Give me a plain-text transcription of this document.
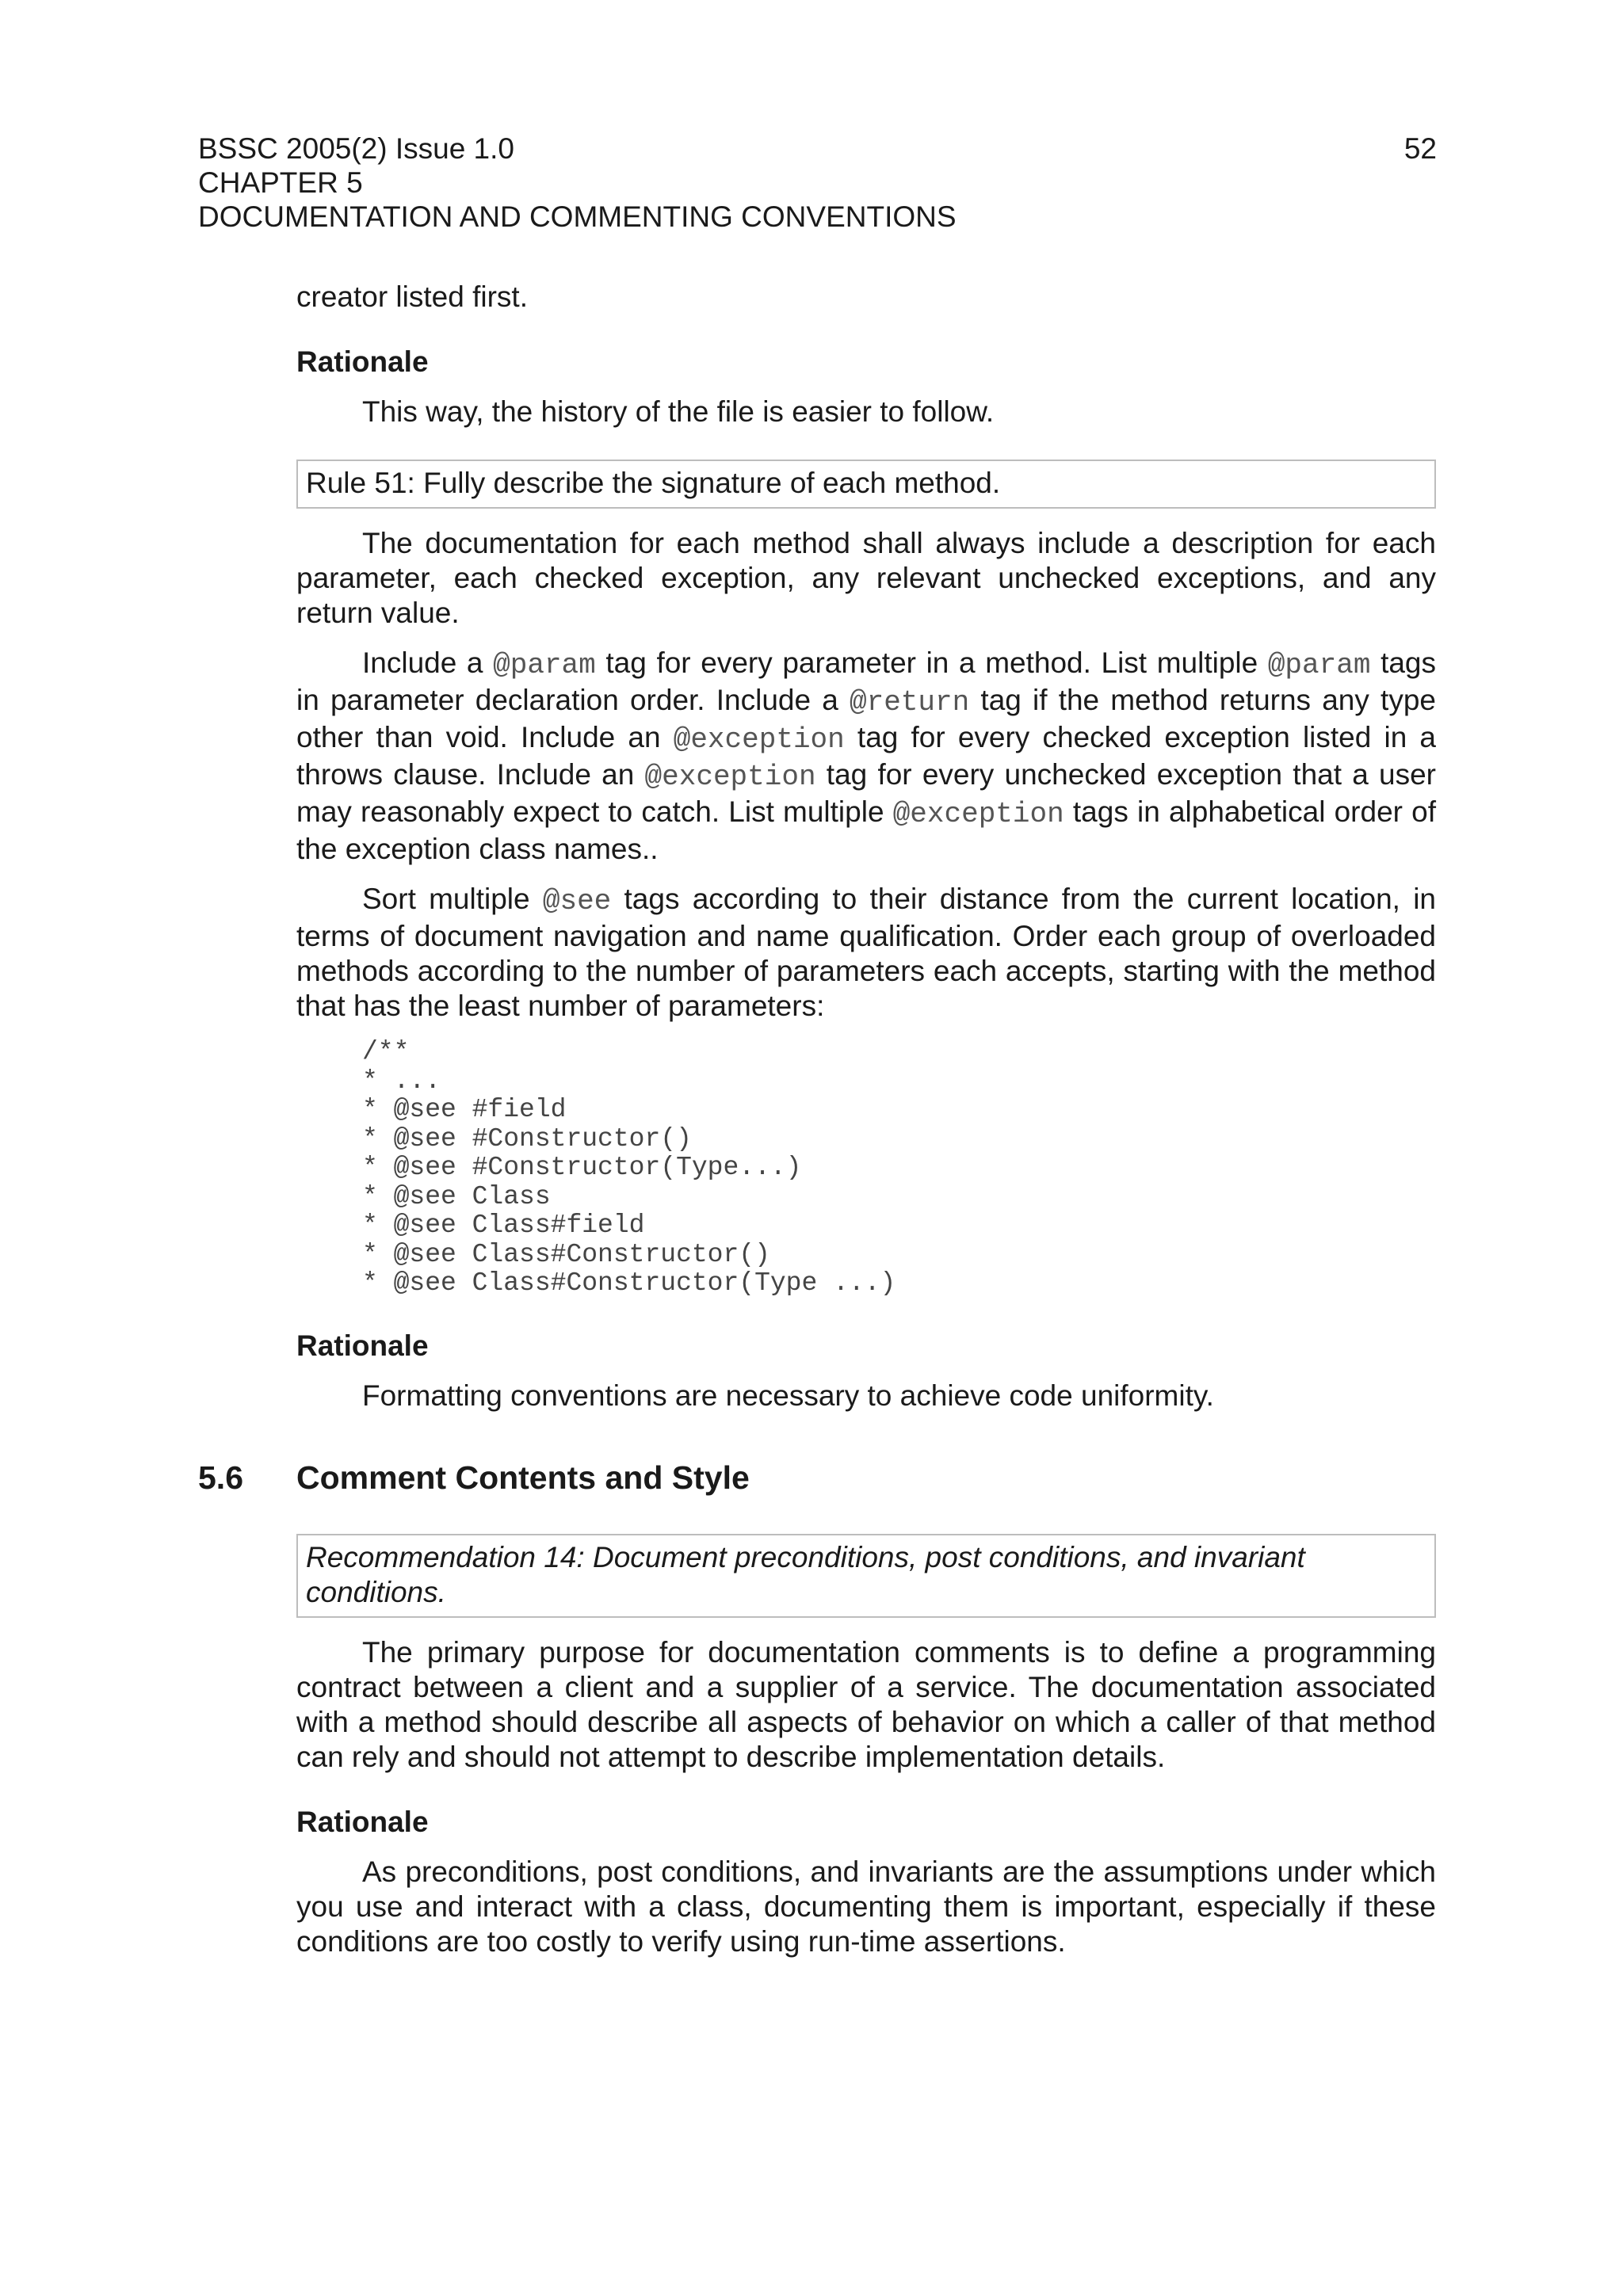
BSSC 2005(2) Issue 1.0
CHAPTER 5
DOCUMENTATION AND COMMENTING CONVENTIONS
52

creator listed first.

Rationale

This way, the history of the file is easier to follow.

Rule 51: Fully describe the signature of each method.

The documentation for each method shall always include a description for each parameter, each checked exception, any relevant unchecked exceptions, and any return value.

Include a @param tag for every parameter in a method. List multiple @param tags in parameter declaration order. Include a @return tag if the method returns any type other than void. Include an @exception tag for every checked exception listed in a throws clause. Include an @exception tag for every unchecked exception that a user may reasonably expect to catch. List multiple @exception tags in alphabetical order of the exception class names..

Sort multiple @see tags according to their distance from the current location, in terms of document navigation and name qualification. Order each group of overloaded methods according to the number of parameters each accepts, starting with the method that has the least number of parameters:

/**
* ...
* @see #field
* @see #Constructor()
* @see #Constructor(Type...)
* @see Class
* @see Class#field
* @see Class#Constructor()
* @see Class#Constructor(Type ...)

Rationale

Formatting conventions are necessary to achieve code uniformity.

5.6 Comment Contents and Style
Recommendation 14: Document preconditions, post conditions, and invariant conditions.

The primary purpose for documentation comments is to define a programming contract between a client and a supplier of a service. The documentation associated with a method should describe all aspects of behavior on which a caller of that method can rely and should not attempt to describe implementation details.

Rationale

As preconditions, post conditions, and invariants are the assumptions under which you use and interact with a class, documenting them is important, especially if these conditions are too costly to verify using run-time assertions.
